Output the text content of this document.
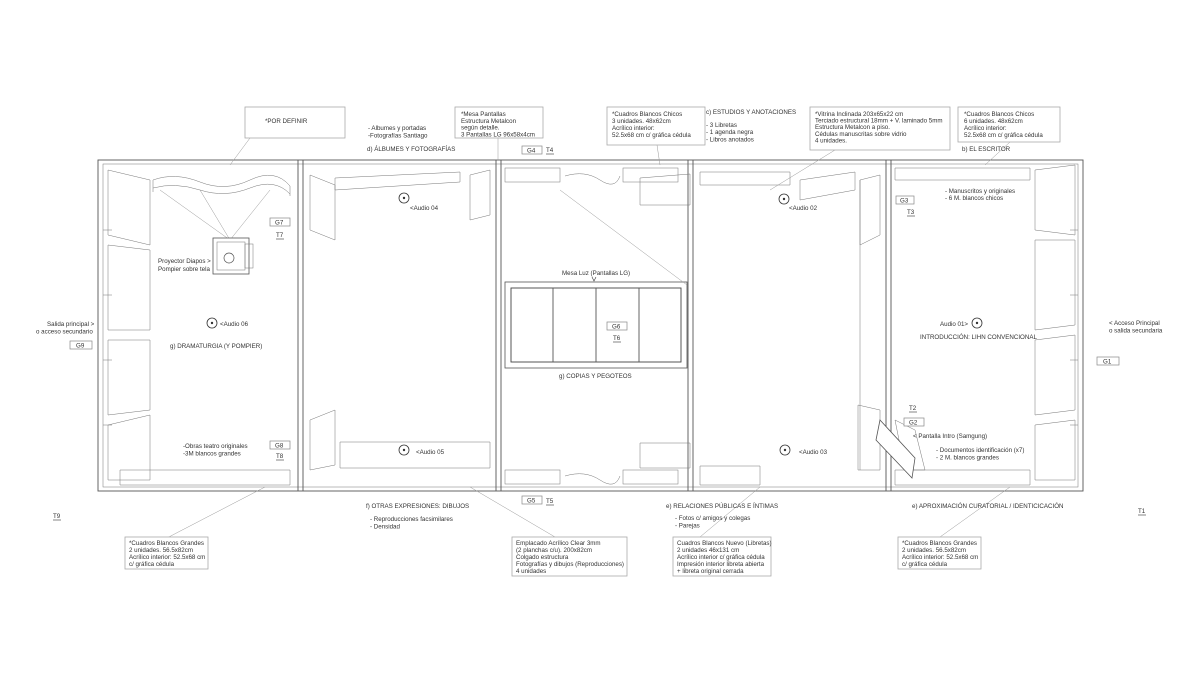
*POR DEFINIR
- Albumes y portadas -Fotografías Santiago
d) ÁLBUMES Y FOTOGRAFÍAS
*Mesa Pantallas Estructura Metalcon según detalle. 3 Pantallas LG 96x58x4cm
*Cuadros Blancos Chicos 3 unidades. 48x62cm Acrílico interior: 52.5x68 cm c/ gráfica cédula
c) ESTUDIOS Y ANOTACIONES
- 3 Libretas - 1 agenda negra - Libros anotados
*Vitrina Inclinada 203x65x22 cm Terciado estructural 18mm + V. laminado 5mm Estructura Metalcon a piso. Cédulas manuscritas sobre vidrio 4 unidades.
*Cuadros Blancos Chicos 6 unidades. 48x62cm Acrílico interior: 52.5x68 cm c/ gráfica cédula
b) EL ESCRITOR
- Manuscritos y originales - 6 M. blancos chicos
Proyector Diapos > Pompier sobre tela
Salida principal > o acceso secundario
g) DRAMATURGIA (Y POMPIER)
Mesa Luz (Pantallas LG)
g) COPIAS Y PEGOTEOS
< Acceso Principal o salida secundaria
INTRODUCCIÓN: LIHN CONVENCIONAL
-Obras teatro originales -3M blancos grandes
< Pantalla Intro (Samgung)
- Documentos identificación (x7) - 2 M. blancos grandes
f) OTRAS EXPRESIONES: DIBUJOS
- Reproducciones facsimilares - Densidad
e) RELACIONES PÚBLICAS E ÍNTIMAS
- Fotos c/ amigos y colegas - Parejas
e) APROXIMACIÓN CURATORIAL / IDENTICICACIÓN
*Cuadros Blancos Grandes 2 unidades. 56.5x82cm Acrílico interior: 52.5x68 cm c/ gráfica cédula
Emplacado Acrílico Clear 3mm (2 planchas c/u). 200x82cm Colgado estructura Fotografías y dibujos (Reproducciones) 4 unidades
Cuadros Blancos Nuevo (Libretas) 2 unidades 46x131 cm Acrílico interior c/ gráfica cédula Impresión interior libreta abierta + libreta original cerrada
*Cuadros Blancos Grandes 2 unidades. 56.5x82cm Acrílico interior: 52.5x68 cm c/ gráfica cédula
<Audio 04	<Audio 02
<Audio 06	Audio 01>
<Audio 05	<Audio 03
G4 T4
G7
T7
G3
T3
G9
G6
T6
G1
T2
G2
G8
T8
G5 T5
T9
T1
